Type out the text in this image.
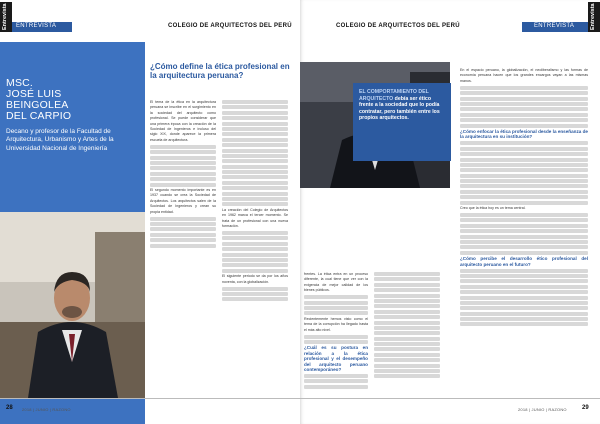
Entrevista ENTREVISTA	COLEGIO DE ARQUITECTOS DEL PERÚ
MSC.
JOSÉ LUIS
BEINGOLEA
DEL CARPIO
Decano y profesor de la Facultad de Arquitectura, Urbanismo y Artes de la Universidad Nacional de Ingeniería
¿Cómo define la ética profesional en la arquitectura peruana?

El tema de la ética en la arquitectura peruana se inscribe en el surgimiento en la sociedad del arquitecto como profesional. Se puede considerar que una primera época con la creación de la Sociedad de Ingenieros e incluso del siglo XIX, donde aparece la primera escuela de arquitectura.

El segundo momento importante es en 1937 cuando se crea la Sociedad de Arquitectos. Los arquitectos salen de la Sociedad de Ingenieros y crean su propia entidad.	La creación del Colegio de Arquitectos en 1962 marca el tercer momento. Se trata de un profesional con una nueva formación.

El siguiente periodo se da por los años noventa, con la globalización.

28 2018 | JUNIO | RAZONO
COLEGIO DE ARQUITECTOS DEL PERÚ	ENTREVISTA	Entrevista
EL COMPORTAMIENTO DEL ARQUITECTO debía ser ético frente a la sociedad que lo podía contratar, pero también entre los propios arquitectos.

frentes. La ética entra en un proceso diferente, la cual tiene que ver con la exigencia de mejor calidad de los bienes públicos.

Recientemente hemos visto como el tema de la corrupción ha llegado hasta el más alto nivel.

¿Cuál es su postura en relación a la ética profesional y el desempeño del arquitecto peruano contemporáneo?

En el espacio peruano, la globalización, el neoliberalismo y las formas de economía peruana hacen que los grandes encargos vayan a las mismas manos.

¿Cómo enfocar la ética profesional desde la enseñanza de la arquitectura en su institución?

Creo que la ética hoy es un tema central.

¿Cómo percibe el desarrollo ético profesional del arquitecto peruano en el futuro?

2018 | JUNIO | RAZONO	29
